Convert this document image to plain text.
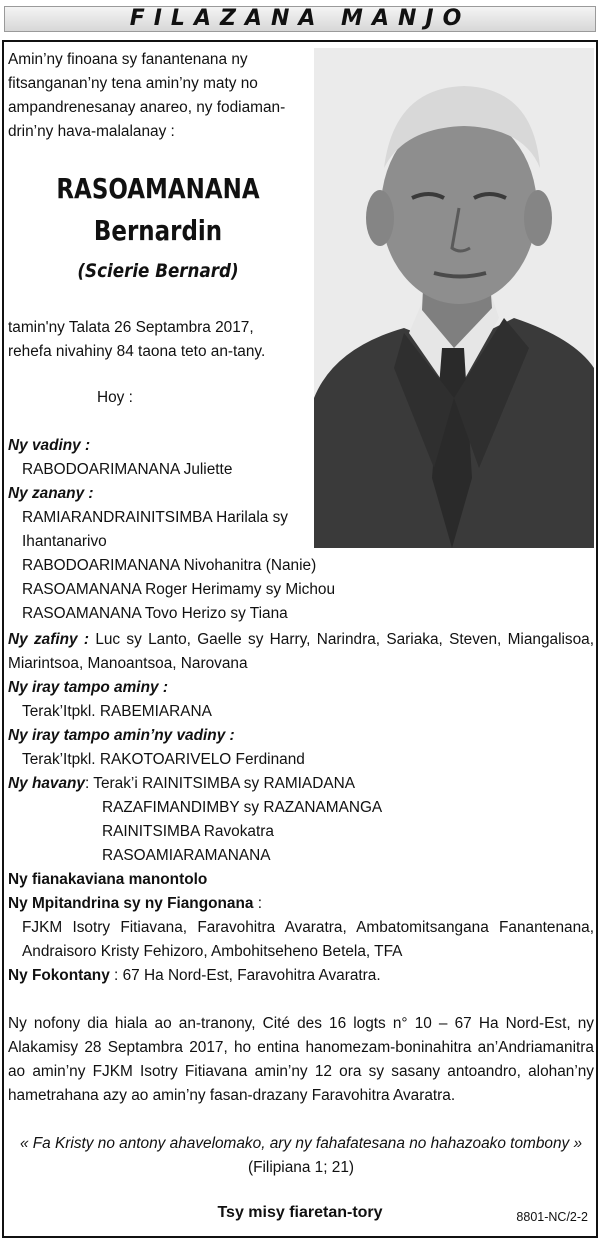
FILAZANA MANJO
Amin’ny finoana sy fanantenana ny fitsanganan’ny tena amin’ny maty no ampandrenesanay anareo, ny fodiaman-drin’ny hava-malalanay :
RASOAMANANA
Bernardin
(Scierie Bernard)
tamin'ny Talata 26 Septambra 2017,
rehefa nivahiny 84 taona teto an-tany.
Hoy :
Ny vadiny :
RABODOARIMANANA Juliette
Ny zanany :
RAMIARANDRAINITSIMBA Harilala sy
Ihantanarivo
RABODOARIMANANA Nivohanitra (Nanie)
RASOAMANANA Roger Herimamy sy Michou
RASOAMANANA Tovo Herizo sy Tiana
Ny zafiny : Luc sy Lanto, Gaelle sy Harry, Narindra, Sariaka, Steven, Miangalisoa, Miarintsoa, Manoantsoa, Narovana
Ny iray tampo aminy :
Terak’Itpkl. RABEMIARANA
Ny iray tampo amin’ny vadiny :
Terak’Itpkl. RAKOTOARIVELO Ferdinand
Ny havany: Terak’i RAINITSIMBA sy RAMIADANA
RAZAFIMANDIMBY sy RAZANAMANGA
RAINITSIMBA Ravokatra
RASOAMIARAMANANA
Ny fianakaviana manontolo
Ny Mpitandrina sy ny Fiangonana :
FJKM Isotry Fitiavana, Faravohitra Avaratra, Ambatomitsangana Fanantenana, Andraisoro Kristy Fehizoro, Ambohitseheno Betela, TFA
Ny Fokontany : 67 Ha Nord-Est, Faravohitra Avaratra.
Ny nofony dia hiala ao an-tranony, Cité des 16 logts n° 10 – 67 Ha Nord-Est, ny Alakamisy 28 Septambra 2017, ho entina hanomezam-boninahitra an’Andriamanitra ao amin’ny FJKM Isotry Fitiavana amin’ny 12 ora sy sasany antoandro, alohan’ny hametrahana azy ao amin’ny fasan-drazany Faravohitra Avaratra.
« Fa Kristy no antony ahavelomako, ary ny fahafatesana no hahazoako tombony » (Filipiana 1; 21)
Tsy misy fiaretan-tory	8801-NC/2-2
